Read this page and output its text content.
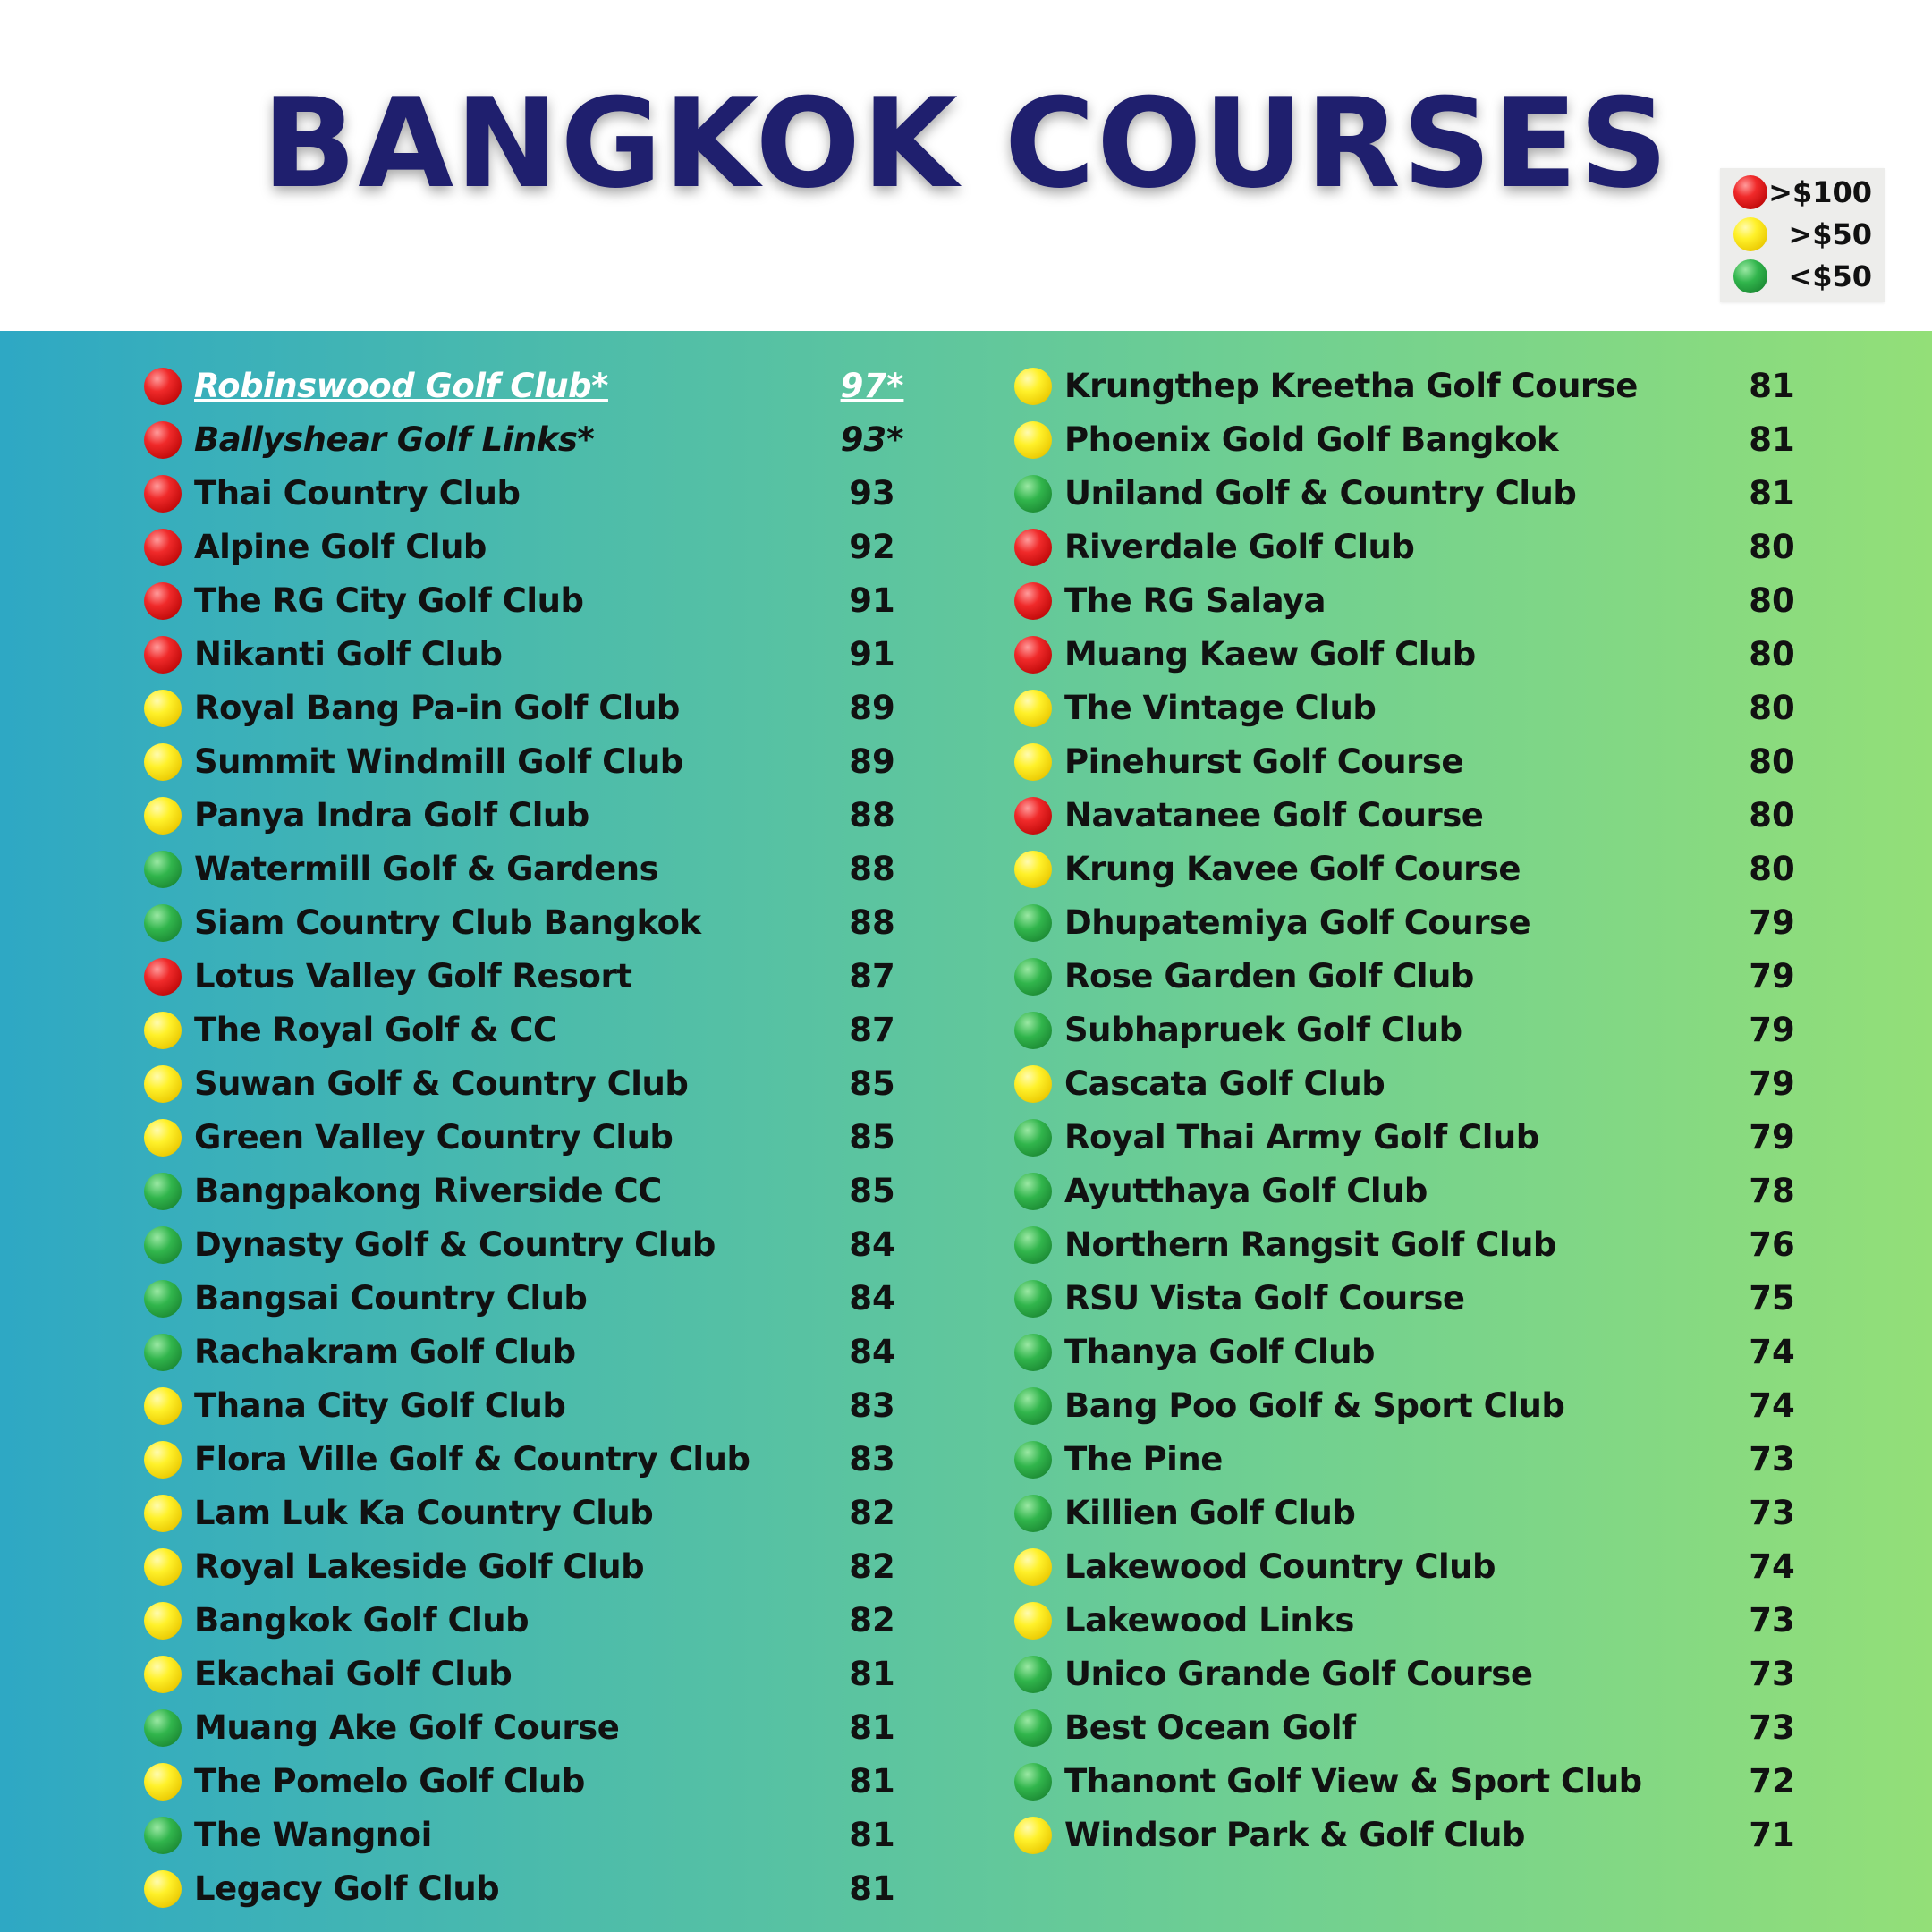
BANGKOK COURSES	>$100
>$50
<$50
Robinswood Golf Club*	97*
Ballyshear Golf Links*	93*
Thai Country Club	93
Alpine Golf Club	92
The RG City Golf Club	91
Nikanti Golf Club	91
Royal Bang Pa-in Golf Club	89
Summit Windmill Golf Club	89
Panya Indra Golf Club	88
Watermill Golf & Gardens	88
Siam Country Club Bangkok	88
Lotus Valley Golf Resort	87
The Royal Golf & CC	87
Suwan Golf & Country Club	85
Green Valley Country Club	85
Bangpakong Riverside CC	85
Dynasty Golf & Country Club	84
Bangsai Country Club	84
Rachakram Golf Club	84
Thana City Golf Club	83
Flora Ville Golf & Country Club	83
Lam Luk Ka Country Club	82
Royal Lakeside Golf Club	82
Bangkok Golf Club	82
Ekachai Golf Club	81
Muang Ake Golf Course	81
The Pomelo Golf Club	81
The Wangnoi	81
Legacy Golf Club	81
Krungthep Kreetha Golf Course	81
Phoenix Gold Golf Bangkok	81
Uniland Golf & Country Club	81
Riverdale Golf Club	80
The RG Salaya	80
Muang Kaew Golf Club	80
The Vintage Club	80
Pinehurst Golf Course	80
Navatanee Golf Course	80
Krung Kavee Golf Course	80
Dhupatemiya Golf Course	79
Rose Garden Golf Club	79
Subhapruek Golf Club	79
Cascata Golf Club	79
Royal Thai Army Golf Club	79
Ayutthaya Golf Club	78
Northern Rangsit Golf Club	76
RSU Vista Golf Course	75
Thanya Golf Club	74
Bang Poo Golf & Sport Club	74
The Pine	73
Killien Golf Club	73
Lakewood Country Club	74
Lakewood Links	73
Unico Grande Golf Course	73
Best Ocean Golf	73
Thanont Golf View & Sport Club	72
Windsor Park & Golf Club	71
